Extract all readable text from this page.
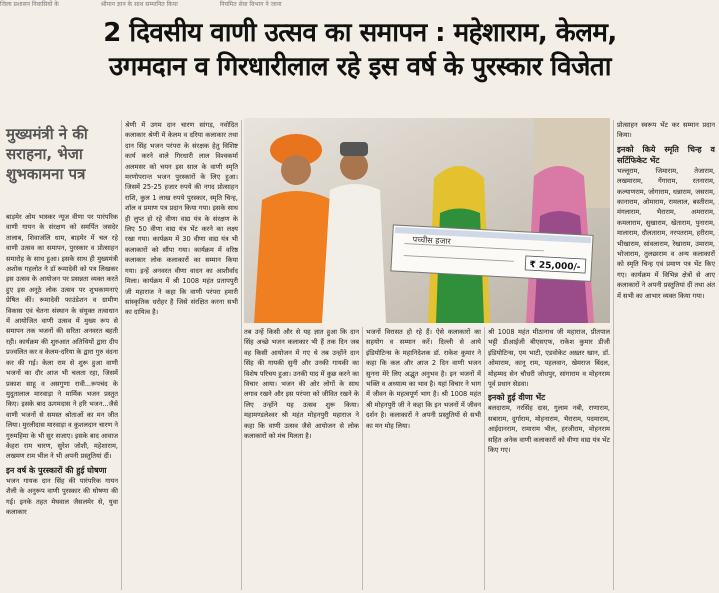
जिला प्रशासन निवासियों के	श्रीमान ज्ञान के साथ सम्मानित किया	नियमित सेवा विभाग ने जाना
2 दिवसीय वाणी उत्सव का समापन : महेशाराम, केलम,
उगमदान व गिरधारीलाल रहे इस वर्ष के पुरस्कार विजेता
मुख्यमंत्री ने की सराहना, भेजा शुभकामना पत्र
बाड़मेर ओम भास्कर न्यूज वीणा पर पारंपरिक वाणी गायन के संरक्षण को समर्पित जसदेर तालाब, शिवाजंलि धाम, बाड़मेर में चल रहे वाणी उत्सव का समापन, पुरस्कार व प्रोत्साहन समारोह के साथ हुआ। इसके साथ ही मुख्यमंत्री अशोक गहलोत ने डॉ रूमादेवी को पत्र लिखकर इस उत्सव के आयोजन पर प्रसन्नता व्यक्त करते हुए इस अनूठे लोक उत्सव पर शुभकामनाएं प्रेषित कीं। रूमादेवी फाउंडेशन व ग्रामीण विकास एवं चेतना संस्थान के संयुक्त तत्वाधान में आयोजित वाणी उत्सव में मुख्य रूप से समापन तक भजनों की सरिता अनवरत बहती रही। कार्यक्रम की शुरुआत अतिथियों द्वारा दीप प्रज्वलित कर व केलम-दरिया के द्वारा गुरु वंदना कर की गई। केला राम से शुरू हुआ वाणी भजनों का दौर आज भी चलता रहा, जिसमें प्रकाश साहू व असगुणा रावी...रूपचंद के मुदुतालाल मारवाड़ा ने मार्मिक भजन प्रस्तुत किए। इसके बाद ऊगमदास ने हरि भजन...जैसे वाणी भजनों से समस्त श्रोताओं का मन जीत लिया। मुरलीदास मारवाड़ा व कुशलदान चारण ने गुरुमहिमा के भी सुर सजाए। इसके बाद आवाज केहरा राम चारण, सुरेश जोशी, महेशाराम, लखमण राम भील ने भी अपनी प्रस्तुतियां दीं।
इन वर्ष के पुरस्कारों की हुई घोषणा
भजन गायक दान सिंह की पारंपरिक गायन शैली के अनुरूप वाणी पुरस्कार की घोषणा की गई। इनके तहत मेघवाल जैसलमेर से, युवा कलाकार
श्रेणी में उगम दान चारण सांगड़, नवोदित कलाकार श्रेणी में केलम व दरिया कलाकार तथा दान सिंह भजन परंपरा के संरक्षक हेतु विशिष्ट कार्य करने वाले गिरधारी लाल विश्वकर्मा अलमसर को चयन इस साल के वाणी स्मृति मरणोपरान्त भजन पुरस्कारों के लिए हुआ। जिसमें 25-25 हजार रुपये की नगद प्रोत्साहन राशि, कुल 1 लाख रुपये पुरस्कार, स्मृति चिन्ह, शॉल व प्रमाण पत्र प्रदान किया गया। इसके साथ ही लुप्त हो रहे वीणा वाद्य यंत्र के संरक्षण के लिए 50 वीणा वाद्य यंत्र भेंट करने का लक्ष्य रखा गया। कार्यक्रम में 30 वीणा वाद्य यंत्र भी कलाकारों को सौंपा गया। कार्यक्रम में वरिष्ठ कलाकार लोक कलाकारों का सम्मान किया गया। इन्हें अनवरत वीणा वादन का आशीर्वाद मिला। कार्यक्रम में श्री 1008 महंत प्रतापपुरी जी महाराज ने कहा कि वाणी परंपरा हमारी सांस्कृतिक धरोहर है जिसे संरक्षित करना सभी का दायित्व है।
पच्चीस हजार
₹ 25,000/-
तब उन्हें किसी और से यह ज्ञात हुआ कि दान सिंह अच्छे भजन कलाकार भी हैं तक दिन जब वह किसी आयोजन में गए थे तब उन्होंने दान सिंह की गायकी सुनी और उनकी गायकी का विशेष परिचय हुआ। उनकी याद में कुछ करने का विचार आया। भजन की ओर लोगों के साथ लगाव रखने और इस परंपरा को जीवित रखने के लिए उन्होंने यह उत्सव शुरू किया। महामण्डलेश्वर श्री महंत मोहनपुरी महाराज ने कहा कि वाणी उत्सव जैसे आयोजन से लोक कलाकारों को मंच मिलता है।
भजनों विरासत हो रहे हैं। ऐसे कलाकारों का सहयोग व सम्मान करें। दिल्ली से आये इंडियोटिन्स के महानिदेशक डॉ. राकेश कुमार ने कहा कि कल और आज 2 दिन वाणी भजन सुनना मेरे लिए अद्भुत अनुभव है। इन भजनों में भक्ति व अध्यात्म का भाव है। यहां विचार ने भाग में जीवन के महत्वपूर्ण भाग है। श्री 1008 महंत श्री मोहनपुरी जी ने कहा कि इन भजनों में जीवन दर्शन है। कलाकारों ने अपनी प्रस्तुतियों से सभी का मन मोह लिया।
श्री 1008 महंत मीठानाथ जी महाराज, प्रीतपाल भट्टी डीआईजी बीएसएफ, राकेश कुमार डीजी इंडियोटिन्स, एम भाटी, एडवोकेट अख़्तर खान, डॉ. ओमाराम, कानू राम, पहलवान, खेमराज बिंदल, मोहम्मद सेन चौधरी जोधपुर, सांगाराम व मोहनराम पूर्व प्रधान सेडवा।
इनको हुई वीणा भेंट
बलदाराम, नरसिंह दास, गुलाम नबी, राणाराम, सबाराम, दुर्गाराम, मोहनाराम, भैराराम, पदमाराम, आईदानराम, रामाराम भील, हरजीराम, मोहनराम सहित अनेक वाणी कलाकारों को वीणा वाद्य यंत्र भेंट किए गए।
प्रोत्साहन स्वरूप भेंट कर सम्मान प्रदान किया।
इनको किये स्मृति चिन्ह व सर्टिफिकेट भेंट
भल्लूराम, जिमाराम, तेजाराम, लखमाराम, गेंगाराम, रतनाराम, कल्याणराम, जोगाराम, धन्नाराम, जसराम, कानाराम, ओमाराम, रामलाल, बस्तीराम, मंगलाराम, भैराराम, अमराराम, कमलाराम, सुखाराम, खेताराम, पुनाराम, मालाराम, दौलताराम, नरपतराम, हरीराम, भीखाराम, सांवलाराम, रेखाराम, उमाराम, भोजाराम, तुलछाराम व अन्य कलाकारों को स्मृति चिन्ह एवं प्रमाण पत्र भेंट किए गए। कार्यक्रम में विभिन्न क्षेत्रों से आए कलाकारों ने अपनी प्रस्तुतियां दीं तथा अंत में सभी का आभार व्यक्त किया गया।
